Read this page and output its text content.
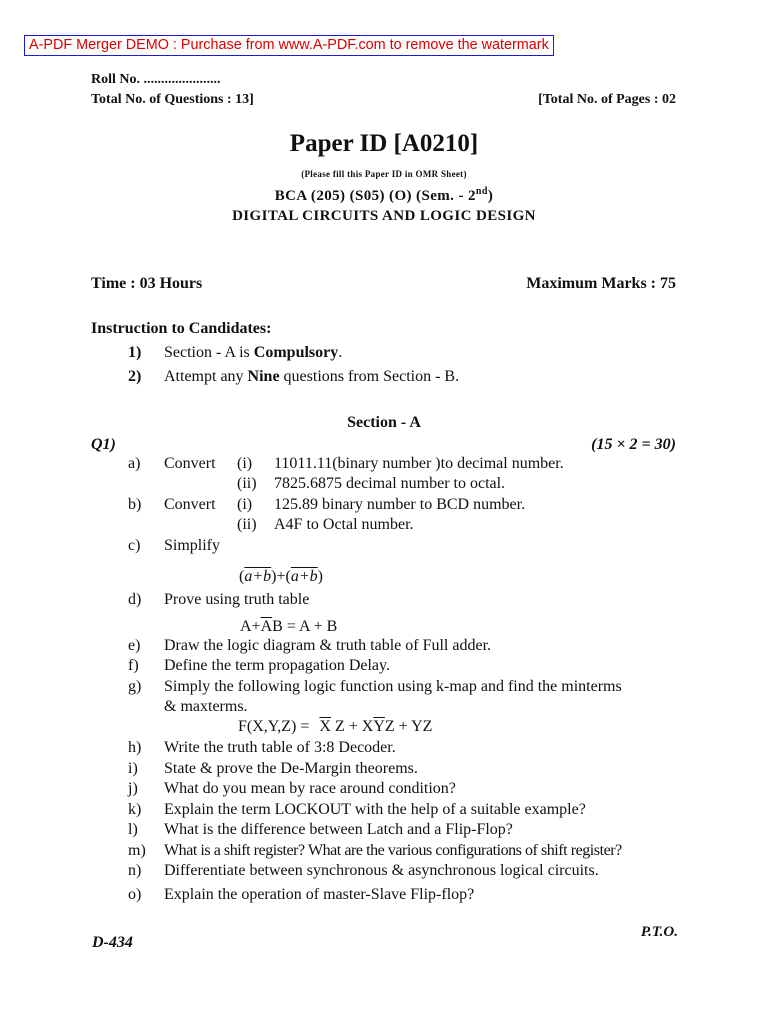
A-PDF Merger DEMO : Purchase from www.A-PDF.com to remove the watermark
Roll No. ......................
Total No. of Questions : 13]	[Total No. of Pages : 02
Paper ID [A0210]
(Please fill this Paper ID in OMR Sheet)
BCA (205) (S05) (O) (Sem. - 2nd)
DIGITAL CIRCUITS AND LOGIC DESIGN
Time : 03 Hours	Maximum Marks : 75
Instruction to Candidates:
1) Section - A is Compulsory.
2) Attempt any Nine questions from Section - B.
Section - A
Q1)	(15 × 2 = 30)
a) Convert (i) 11011.11(binary number )to decimal number.
(ii) 7825.6875 decimal number to octal.
b) Convert (i) 125.89 binary number to BCD number.
(ii) A4F to Octal number.
c) Simplify
(a+b)+(a+b)
d) Prove using truth table
$A+\overline{A}B = A + B$
e) Draw the logic diagram & truth table of Full adder.
f) Define the term propagation Delay.
g) Simply the following logic function using k-map and find the minterms
& maxterms.
$F(X,Y,Z) = \overline{X}$ $Z + X\overline{Y}Z$ + YZ
h) Write the truth table of 3:8 Decoder.
i) State & prove the De-Margin theorems.
j) What do you mean by race around condition?
k) Explain the term LOCKOUT with the help of a suitable example?
l) What is the difference between Latch and a Flip-Flop?
m) What is a shift register? What are the various configurations of shift register?
n) Differentiate between synchronous & asynchronous logical circuits.
o) Explain the operation of master-Slave Flip-flop?
P.T.O.
D-434
